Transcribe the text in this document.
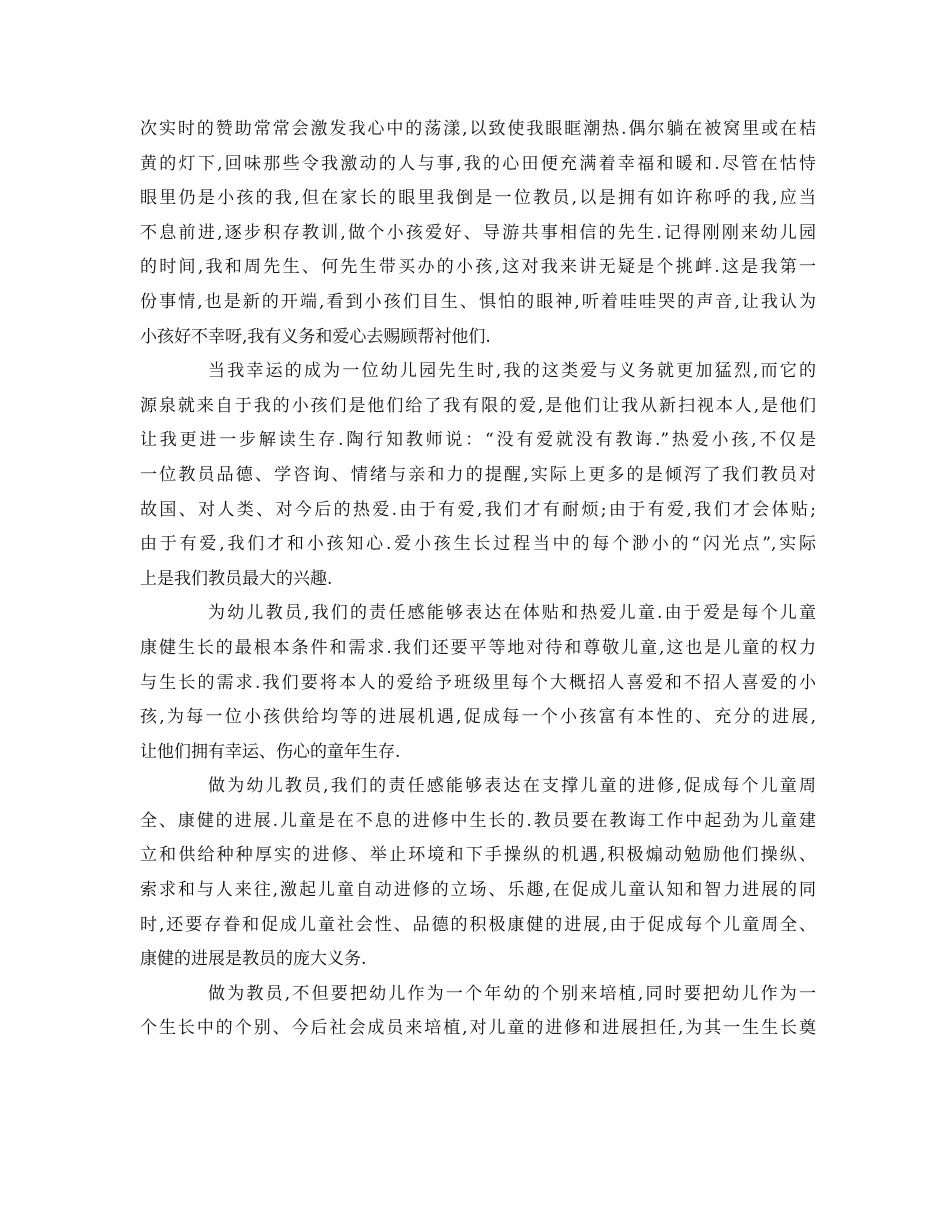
次实时的赞助常常会激发我心中的荡漾,以致使我眼眶潮热.偶尔躺在被窝里或在桔
黄的灯下,回味那些令我激动的人与事,我的心田便充满着幸福和暖和.尽管在怙恃
眼里仍是小孩的我,但在家长的眼里我倒是一位教员,以是拥有如许称呼的我,应当
不息前进,逐步积存教训,做个小孩爱好、导游共事相信的先生.记得刚刚来幼儿园
的时间,我和周先生、何先生带买办的小孩,这对我来讲无疑是个挑衅.这是我第一
份事情,也是新的开端,看到小孩们目生、惧怕的眼神,听着哇哇哭的声音,让我认为
小孩好不幸呀,我有义务和爱心去赐顾帮衬他们.
当我幸运的成为一位幼儿园先生时,我的这类爱与义务就更加猛烈,而它的
源泉就来自于我的小孩们是他们给了我有限的爱,是他们让我从新扫视本人,是他们
让我更进一步解读生存.陶行知教师说：“没有爱就没有教诲.”热爱小孩,不仅是
一位教员品德、学咨询、情绪与亲和力的提醒,实际上更多的是倾泻了我们教员对
故国、对人类、对今后的热爱.由于有爱,我们才有耐烦;由于有爱,我们才会体贴;
由于有爱,我们才和小孩知心.爱小孩生长过程当中的每个渺小的“闪光点”,实际
上是我们教员最大的兴趣.
为幼儿教员,我们的责任感能够表达在体贴和热爱儿童.由于爱是每个儿童
康健生长的最根本条件和需求.我们还要平等地对待和尊敬儿童,这也是儿童的权力
与生长的需求.我们要将本人的爱给予班级里每个大概招人喜爱和不招人喜爱的小
孩,为每一位小孩供给均等的进展机遇,促成每一个小孩富有本性的、充分的进展,
让他们拥有幸运、伤心的童年生存.
做为幼儿教员,我们的责任感能够表达在支撑儿童的进修,促成每个儿童周
全、康健的进展.儿童是在不息的进修中生长的.教员要在教诲工作中起劲为儿童建
立和供给种种厚实的进修、举止环境和下手操纵的机遇,积极煽动勉励他们操纵、
索求和与人来往,激起儿童自动进修的立场、乐趣,在促成儿童认知和智力进展的同
时,还要存眷和促成儿童社会性、品德的积极康健的进展,由于促成每个儿童周全、
康健的进展是教员的庞大义务.
做为教员,不但要把幼儿作为一个年幼的个别来培植,同时要把幼儿作为一
个生长中的个别、今后社会成员来培植,对儿童的进修和进展担任,为其一生生长奠
